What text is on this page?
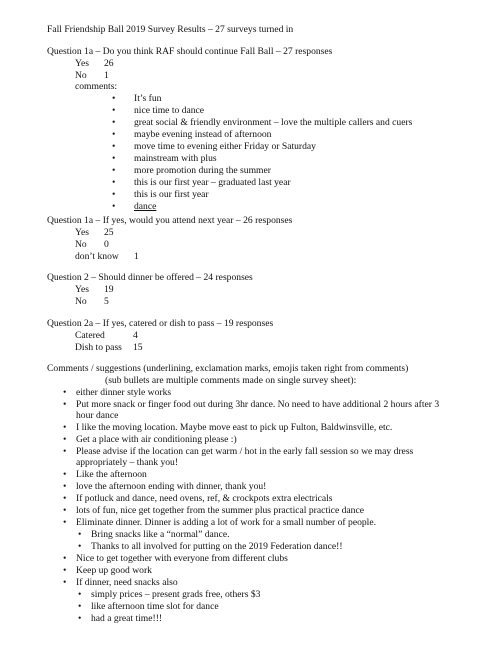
Fall Friendship Ball 2019 Survey Results – 27 surveys turned in
Question 1a – Do you think RAF should continue Fall Ball – 27 responses
Yes 26
No 1
comments:
•
It’s fun
•
nice time to dance
•
great social & friendly environment – love the multiple callers and cuers
•
maybe evening instead of afternoon
•
move time to evening either Friday or Saturday
•
mainstream with plus
•
more promotion during the summer
•
this is our first year – graduated last year
•
this is our first year
•
dance
Question 1a – If yes, would you attend next year – 26 responses
Yes 25
No 0
don’t know 1
Question 2 – Should dinner be offered – 24 responses
Yes 19
No 5
Question 2a – If yes, catered or dish to pass – 19 responses
Catered	4
Dish to pass 15
Comments / suggestions (underlining, exclamation marks, emojis taken right from comments)
(sub bullets are multiple comments made on single survey sheet):
•
either dinner style works
•
Put more snack or finger food out during 3hr dance. No need to have additional 2 hours after 3
hour dance
•
I like the moving location. Maybe move east to pick up Fulton, Baldwinsville, etc.
•
Get a place with air conditioning please :)
•
Please advise if the location can get warm / hot in the early fall session so we may dress
appropriately – thank you!
•
Like the afternoon
•
love the afternoon ending with dinner, thank you!
•
If potluck and dance, need ovens, ref, & crockpots extra electricals
•
lots of fun, nice get together from the summer plus practical practice dance
•
Eliminate dinner. Dinner is adding a lot of work for a small number of people.
•
Bring snacks like a “normal” dance.
•
Thanks to all involved for putting on the 2019 Federation dance!!
•
Nice to get together with everyone from different clubs
•
Keep up good work
•
If dinner, need snacks also
•
simply prices – present grads free, others $3
•
like afternoon time slot for dance
•
had a great time!!!
